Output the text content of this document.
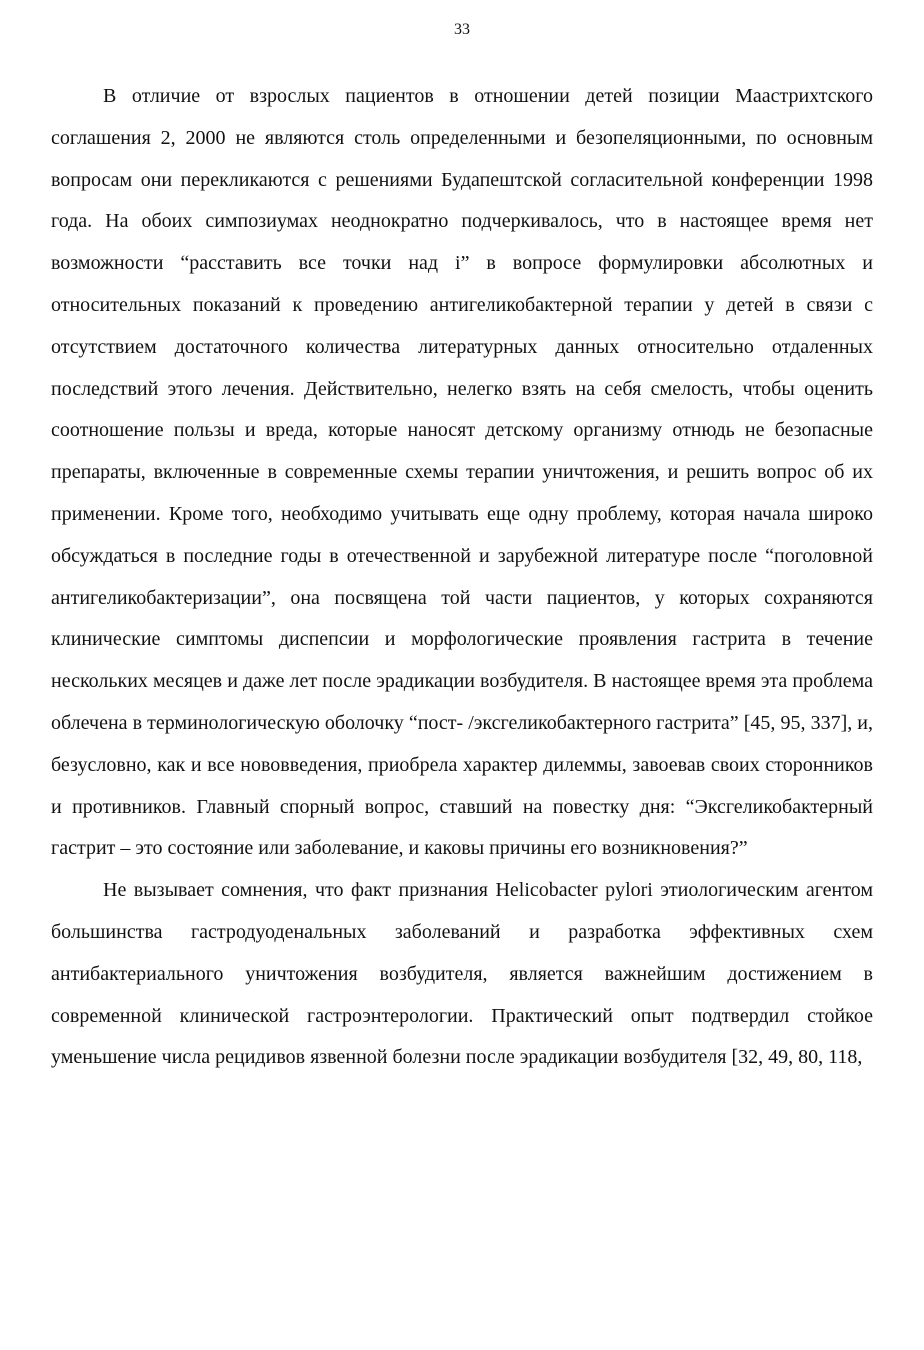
33

В отличие от взрослых пациентов в отношении детей позиции Маастрихтского соглашения 2, 2000 не являются столь определенными и безопеляционными, по основным вопросам они перекликаются с решениями Будапештской согласительной конференции 1998 года. На обоих симпозиумах неоднократно подчеркивалось, что в настоящее время нет возможности “расставить все точки над і” в вопросе формулировки абсолютных и относительных показаний к проведению антигеликобактерной терапии у детей в связи с отсутствием достаточного количества литературных данных относительно отдаленных последствий этого лечения. Действительно, нелегко взять на себя смелость, чтобы оценить соотношение пользы и вреда, которые наносят детскому организму отнюдь не безопасные препараты, включенные в современные схемы терапии уничтожения, и решить вопрос об их применении. Кроме того, необходимо учитывать еще одну проблему, которая начала широко обсуждаться в последние годы в отечественной и зарубежной литературе после “поголовной антигеликобактеризации”, она посвящена той части пациентов, у которых сохраняются клинические симптомы диспепсии и морфологические проявления гастрита в течение нескольких месяцев и даже лет после эрадикации возбудителя. В настоящее время эта проблема облечена в терминологическую оболочку “пост- /эксгеликобактерного гастрита” [45, 95, 337], и, безусловно, как и все нововведения, приобрела характер дилеммы, завоевав своих сторонников и противников. Главный спорный вопрос, ставший на повестку дня: “Эксгеликобактерный гастрит – это состояние или заболевание, и каковы причины его возникновения?”

Не вызывает сомнения, что факт признания Helicobacter pylori этиологическим агентом большинства гастродуоденальных заболеваний и разработка эффективных схем антибактериального уничтожения возбудителя, является важнейшим достижением в современной клинической гастроэнтерологии. Практический опыт подтвердил стойкое уменьшение числа рецидивов язвенной болезни после эрадикации возбудителя [32, 49, 80, 118,
